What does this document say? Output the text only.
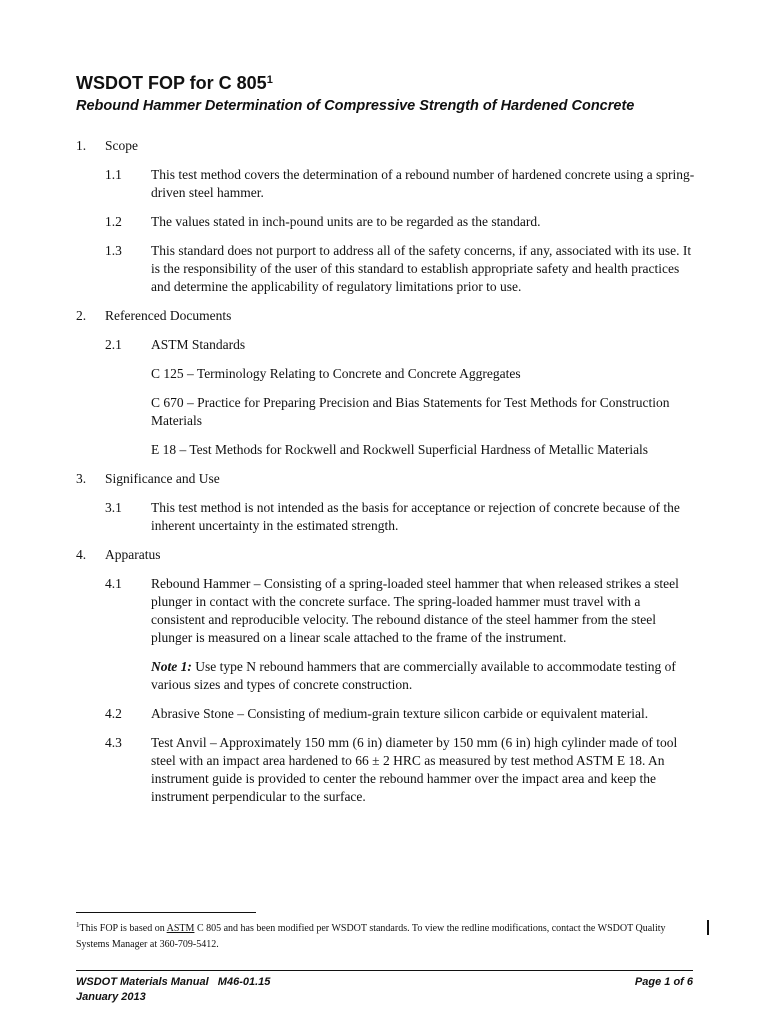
WSDOT FOP for C $805^1$
Rebound Hammer Determination of Compressive Strength of Hardened Concrete
1.	Scope
1.1	This test method covers the determination of a rebound number of hardened concrete using a spring-driven steel hammer.
1.2	The values stated in inch-pound units are to be regarded as the standard.
1.3	This standard does not purport to address all of the safety concerns, if any, associated with its use. It is the responsibility of the user of this standard to establish appropriate safety and health practices and determine the applicability of regulatory limitations prior to use.
2.	Referenced Documents
2.1	ASTM Standards
C 125 – Terminology Relating to Concrete and Concrete Aggregates
C 670 – Practice for Preparing Precision and Bias Statements for Test Methods for Construction Materials
E 18 – Test Methods for Rockwell and Rockwell Superficial Hardness of Metallic Materials
3.	Significance and Use
3.1	This test method is not intended as the basis for acceptance or rejection of concrete because of the inherent uncertainty in the estimated strength.
4.	Apparatus
4.1	Rebound Hammer – Consisting of a spring-loaded steel hammer that when released strikes a steel plunger in contact with the concrete surface. The spring-loaded hammer must travel with a consistent and reproducible velocity. The rebound distance of the steel hammer from the steel plunger is measured on a linear scale attached to the frame of the instrument.
Note 1: Use type N rebound hammers that are commercially available to accommodate testing of various sizes and types of concrete construction.
4.2	Abrasive Stone – Consisting of medium-grain texture silicon carbide or equivalent material.
4.3	Test Anvil – Approximately 150 mm (6 in) diameter by 150 mm (6 in) high cylinder made of tool steel with an impact area hardened to 66 ± 2 HRC as measured by test method ASTM E 18. An instrument guide is provided to center the rebound hammer over the impact area and keep the instrument perpendicular to the surface.
$^1$This FOP is based on ASTM C 805 and has been modified per WSDOT standards. To view the redline modifications, contact the WSDOT Quality Systems Manager at 360-709-5412.
WSDOT Materials Manual   M46-01.15
January 2013
Page 1 of 6
